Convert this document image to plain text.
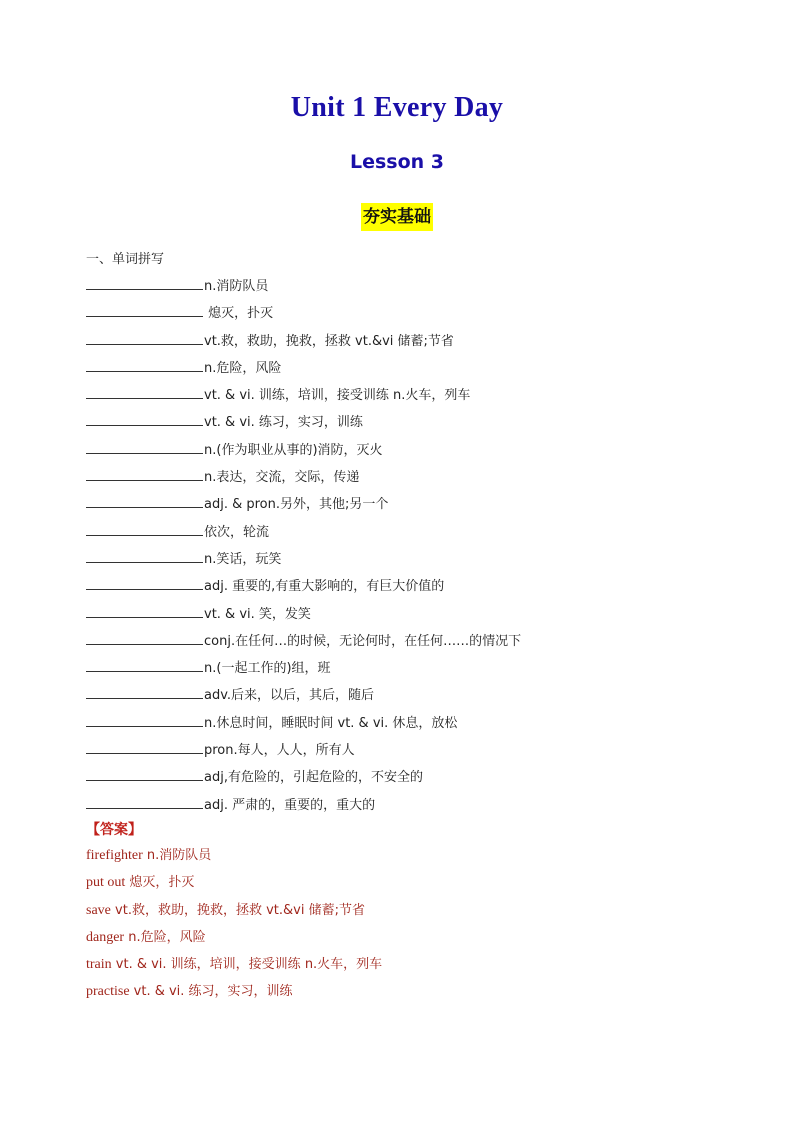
Unit 1 Every Day
Lesson 3
夯实基础
一、单词拼写
n.消防队员
熄灭，扑灭
vt.救，救助，挽救，拯救 vt.&vi 储蓄;节省
n.危险，风险
vt. & vi. 训练，培训，接受训练 n.火车，列车
vt. & vi. 练习，实习，训练
n.(作为职业从事的)消防，灭火
n.表达，交流，交际，传递
adj. & pron.另外，其他;另一个
依次，轮流
n.笑话，玩笑
adj. 重要的,有重大影响的，有巨大价值的
vt. & vi. 笑，发笑
conj.在任何…的时候，无论何时，在任何……的情况下
n.(一起工作的)组，班
adv.后来，以后，其后，随后
n.休息时间，睡眠时间 vt. & vi. 休息，放松
pron.每人，人人，所有人
adj,有危险的，引起危险的，不安全的
adj. 严肃的，重要的，重大的
【答案】
firefighter n.消防队员
put out 熄灭，扑灭
save vt.救，救助，挽救，拯救 vt.&vi 储蓄;节省
danger n.危险，风险
train vt. & vi. 训练，培训，接受训练 n.火车，列车
practise vt. & vi. 练习，实习，训练
